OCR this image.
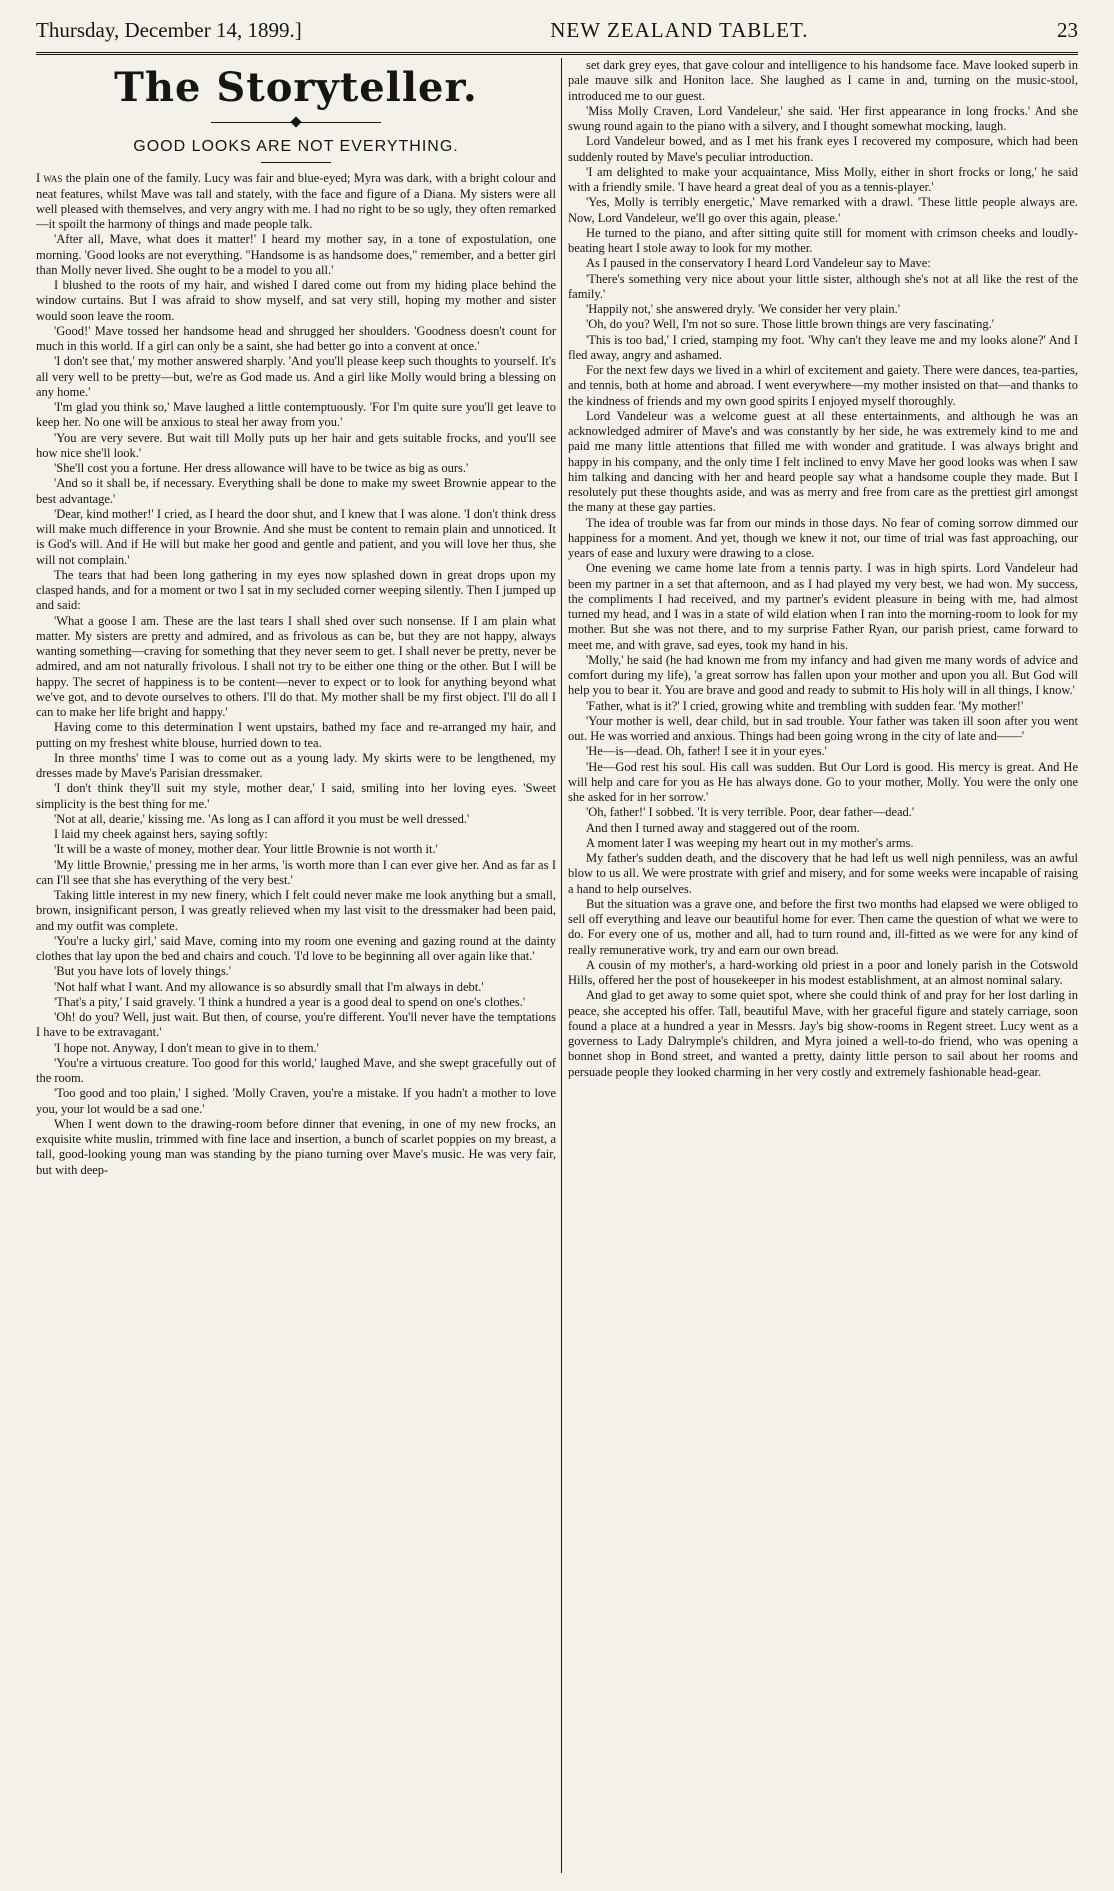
Thursday, December 14, 1899.]	NEW ZEALAND TABLET.	23
The Storyteller.
GOOD LOOKS ARE NOT EVERYTHING.

I was the plain one of the family. Lucy was fair and blue-eyed; Myra was dark, with a bright colour and neat features, whilst Mave was tall and stately, with the face and figure of a Diana. My sisters were all well pleased with themselves, and very angry with me. I had no right to be so ugly, they often remarked—it spoilt the harmony of things and made people talk.

'After all, Mave, what does it matter!' I heard my mother say, in a tone of expostulation, one morning. 'Good looks are not everything. "Handsome is as handsome does," remember, and a better girl than Molly never lived. She ought to be a model to you all.'

I blushed to the roots of my hair, and wished I dared come out from my hiding place behind the window curtains. But I was afraid to show myself, and sat very still, hoping my mother and sister would soon leave the room.

'Good!' Mave tossed her handsome head and shrugged her shoulders. 'Goodness doesn't count for much in this world. If a girl can only be a saint, she had better go into a convent at once.'

'I don't see that,' my mother answered sharply. 'And you'll please keep such thoughts to yourself. It's all very well to be pretty—but, we're as God made us. And a girl like Molly would bring a blessing on any home.'

'I'm glad you think so,' Mave laughed a little contemptuously. 'For I'm quite sure you'll get leave to keep her. No one will be anxious to steal her away from you.'

'You are very severe. But wait till Molly puts up her hair and gets suitable frocks, and you'll see how nice she'll look.'

'She'll cost you a fortune. Her dress allowance will have to be twice as big as ours.'

'And so it shall be, if necessary. Everything shall be done to make my sweet Brownie appear to the best advantage.'

'Dear, kind mother!' I cried, as I heard the door shut, and I knew that I was alone. 'I don't think dress will make much difference in your Brownie. And she must be content to remain plain and unnoticed. It is God's will. And if He will but make her good and gentle and patient, and you will love her thus, she will not complain.'

The tears that had been long gathering in my eyes now splashed down in great drops upon my clasped hands, and for a moment or two I sat in my secluded corner weeping silently. Then I jumped up and said:

'What a goose I am. These are the last tears I shall shed over such nonsense. If I am plain what matter. My sisters are pretty and admired, and as frivolous as can be, but they are not happy, always wanting something—craving for something that they never seem to get. I shall never be pretty, never be admired, and am not naturally frivolous. I shall not try to be either one thing or the other. But I will be happy. The secret of happiness is to be content—never to expect or to look for anything beyond what we've got, and to devote ourselves to others. I'll do that. My mother shall be my first object. I'll do all I can to make her life bright and happy.'

Having come to this determination I went upstairs, bathed my face and re-arranged my hair, and putting on my freshest white blouse, hurried down to tea.

In three months' time I was to come out as a young lady. My skirts were to be lengthened, my dresses made by Mave's Parisian dressmaker.

'I don't think they'll suit my style, mother dear,' I said, smiling into her loving eyes. 'Sweet simplicity is the best thing for me.'

'Not at all, dearie,' kissing me. 'As long as I can afford it you must be well dressed.'

I laid my cheek against hers, saying softly:

'It will be a waste of money, mother dear. Your little Brownie is not worth it.'

'My little Brownie,' pressing me in her arms, 'is worth more than I can ever give her. And as far as I can I'll see that she has everything of the very best.'

Taking little interest in my new finery, which I felt could never make me look anything but a small, brown, insignificant person, I was greatly relieved when my last visit to the dressmaker had been paid, and my outfit was complete.

'You're a lucky girl,' said Mave, coming into my room one evening and gazing round at the dainty clothes that lay upon the bed and chairs and couch. 'I'd love to be beginning all over again like that.'

'But you have lots of lovely things.'

'Not half what I want. And my allowance is so absurdly small that I'm always in debt.'

'That's a pity,' I said gravely. 'I think a hundred a year is a good deal to spend on one's clothes.'

'Oh! do you? Well, just wait. But then, of course, you're different. You'll never have the temptations I have to be extravagant.'

'I hope not. Anyway, I don't mean to give in to them.'

'You're a virtuous creature. Too good for this world,' laughed Mave, and she swept gracefully out of the room.

'Too good and too plain,' I sighed. 'Molly Craven, you're a mistake. If you hadn't a mother to love you, your lot would be a sad one.'

When I went down to the drawing-room before dinner that evening, in one of my new frocks, an exquisite white muslin, trimmed with fine lace and insertion, a bunch of scarlet poppies on my breast, a tall, good-looking young man was standing by the piano turning over Mave's music. He was very fair, but with deep-

set dark grey eyes, that gave colour and intelligence to his handsome face. Mave looked superb in pale mauve silk and Honiton lace. She laughed as I came in and, turning on the music-stool, introduced me to our guest.

'Miss Molly Craven, Lord Vandeleur,' she said. 'Her first appearance in long frocks.' And she swung round again to the piano with a silvery, and I thought somewhat mocking, laugh.

Lord Vandeleur bowed, and as I met his frank eyes I recovered my composure, which had been suddenly routed by Mave's peculiar introduction.

'I am delighted to make your acquaintance, Miss Molly, either in short frocks or long,' he said with a friendly smile. 'I have heard a great deal of you as a tennis-player.'

'Yes, Molly is terribly energetic,' Mave remarked with a drawl. 'These little people always are. Now, Lord Vandeleur, we'll go over this again, please.'

He turned to the piano, and after sitting quite still for moment with crimson cheeks and loudly-beating heart I stole away to look for my mother.

As I paused in the conservatory I heard Lord Vandeleur say to Mave:

'There's something very nice about your little sister, although she's not at all like the rest of the family.'

'Happily not,' she answered dryly. 'We consider her very plain.'

'Oh, do you? Well, I'm not so sure. Those little brown things are very fascinating.'

'This is too bad,' I cried, stamping my foot. 'Why can't they leave me and my looks alone?' And I fled away, angry and ashamed.

For the next few days we lived in a whirl of excitement and gaiety. There were dances, tea-parties, and tennis, both at home and abroad. I went everywhere—my mother insisted on that—and thanks to the kindness of friends and my own good spirits I enjoyed myself thoroughly.

Lord Vandeleur was a welcome guest at all these entertainments, and although he was an acknowledged admirer of Mave's and was constantly by her side, he was extremely kind to me and paid me many little attentions that filled me with wonder and gratitude. I was always bright and happy in his company, and the only time I felt inclined to envy Mave her good looks was when I saw him talking and dancing with her and heard people say what a handsome couple they made. But I resolutely put these thoughts aside, and was as merry and free from care as the prettiest girl amongst the many at these gay parties.

The idea of trouble was far from our minds in those days. No fear of coming sorrow dimmed our happiness for a moment. And yet, though we knew it not, our time of trial was fast approaching, our years of ease and luxury were drawing to a close.

One evening we came home late from a tennis party. I was in high spirts. Lord Vandeleur had been my partner in a set that afternoon, and as I had played my very best, we had won. My success, the compliments I had received, and my partner's evident pleasure in being with me, had almost turned my head, and I was in a state of wild elation when I ran into the morning-room to look for my mother. But she was not there, and to my surprise Father Ryan, our parish priest, came forward to meet me, and with grave, sad eyes, took my hand in his.

'Molly,' he said (he had known me from my infancy and had given me many words of advice and comfort during my life), 'a great sorrow has fallen upon your mother and upon you all. But God will help you to bear it. You are brave and good and ready to submit to His holy will in all things, I know.'

'Father, what is it?' I cried, growing white and trembling with sudden fear. 'My mother!'

'Your mother is well, dear child, but in sad trouble. Your father was taken ill soon after you went out. He was worried and anxious. Things had been going wrong in the city of late and——'

'He—is—dead. Oh, father! I see it in your eyes.'

'He—God rest his soul. His call was sudden. But Our Lord is good. His mercy is great. And He will help and care for you as He has always done. Go to your mother, Molly. You were the only one she asked for in her sorrow.'

'Oh, father!' I sobbed. 'It is very terrible. Poor, dear father—dead.'

And then I turned away and staggered out of the room.

A moment later I was weeping my heart out in my mother's arms.

My father's sudden death, and the discovery that he had left us well nigh penniless, was an awful blow to us all. We were prostrate with grief and misery, and for some weeks were incapable of raising a hand to help ourselves.

But the situation was a grave one, and before the first two months had elapsed we were obliged to sell off everything and leave our beautiful home for ever. Then came the question of what we were to do. For every one of us, mother and all, had to turn round and, ill-fitted as we were for any kind of really remunerative work, try and earn our own bread.

A cousin of my mother's, a hard-working old priest in a poor and lonely parish in the Cotswold Hills, offered her the post of housekeeper in his modest establishment, at an almost nominal salary.

And glad to get away to some quiet spot, where she could think of and pray for her lost darling in peace, she accepted his offer. Tall, beautiful Mave, with her graceful figure and stately carriage, soon found a place at a hundred a year in Messrs. Jay's big show-rooms in Regent street. Lucy went as a governess to Lady Dalrymple's children, and Myra joined a well-to-do friend, who was opening a bonnet shop in Bond street, and wanted a pretty, dainty little person to sail about her rooms and persuade people they looked charming in her very costly and extremely fashionable head-gear.
